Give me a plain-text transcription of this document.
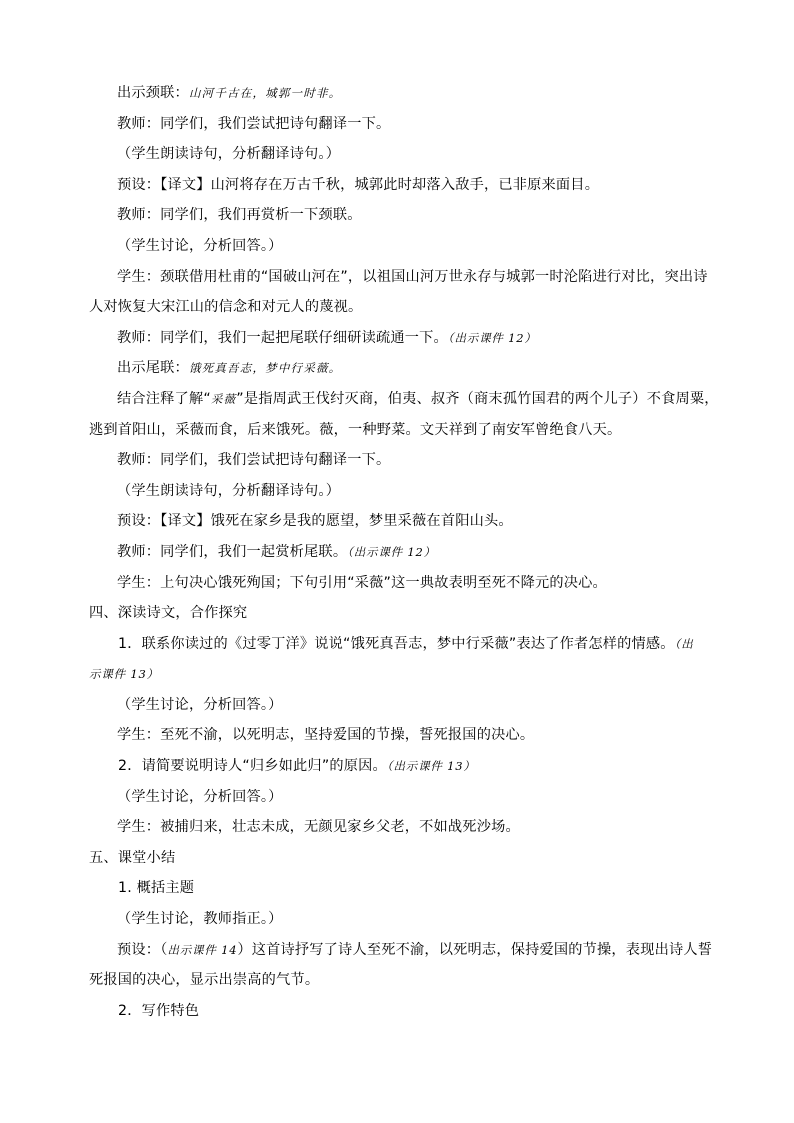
出示颈联：山河千古在，城郭一时非。
教师：同学们，我们尝试把诗句翻译一下。
（学生朗读诗句，分析翻译诗句。）
预设：【译文】山河将存在万古千秋，城郭此时却落入敌手，已非原来面目。
教师：同学们，我们再赏析一下颈联。
（学生讨论，分析回答。）
学生：颈联借用杜甫的“国破山河在”，以祖国山河万世永存与城郭一时沦陷进行对比，突出诗
人对恢复大宋江山的信念和对元人的蔑视。
教师：同学们，我们一起把尾联仔细研读疏通一下。（出示课件 12）
出示尾联：饿死真吾志，梦中行采薇。
结合注释了解“采薇”是指周武王伐纣灭商，伯夷、叔齐（商末孤竹国君的两个儿子）不食周粟，
逃到首阳山，采薇而食，后来饿死。薇，一种野菜。文天祥到了南安军曾绝食八天。
教师：同学们，我们尝试把诗句翻译一下。
（学生朗读诗句，分析翻译诗句。）
预设：【译文】饿死在家乡是我的愿望，梦里采薇在首阳山头。
教师：同学们，我们一起赏析尾联。（出示课件 12）
学生：上句决心饿死殉国；下句引用“采薇”这一典故表明至死不降元的决心。
四、深读诗文，合作探究
1．联系你读过的《过零丁洋》说说“饿死真吾志，梦中行采薇”表达了作者怎样的情感。（出
示课件 13）
（学生讨论，分析回答。）
学生：至死不渝，以死明志，坚持爱国的节操，誓死报国的决心。
2．请简要说明诗人“归乡如此归”的原因。（出示课件 13）
（学生讨论，分析回答。）
学生：被捕归来，壮志未成，无颜见家乡父老，不如战死沙场。
五、课堂小结
1. 概括主题
（学生讨论，教师指正。）
预设：（出示课件 14）这首诗抒写了诗人至死不渝，以死明志，保持爱国的节操，表现出诗人誓
死报国的决心，显示出崇高的气节。
2．写作特色
